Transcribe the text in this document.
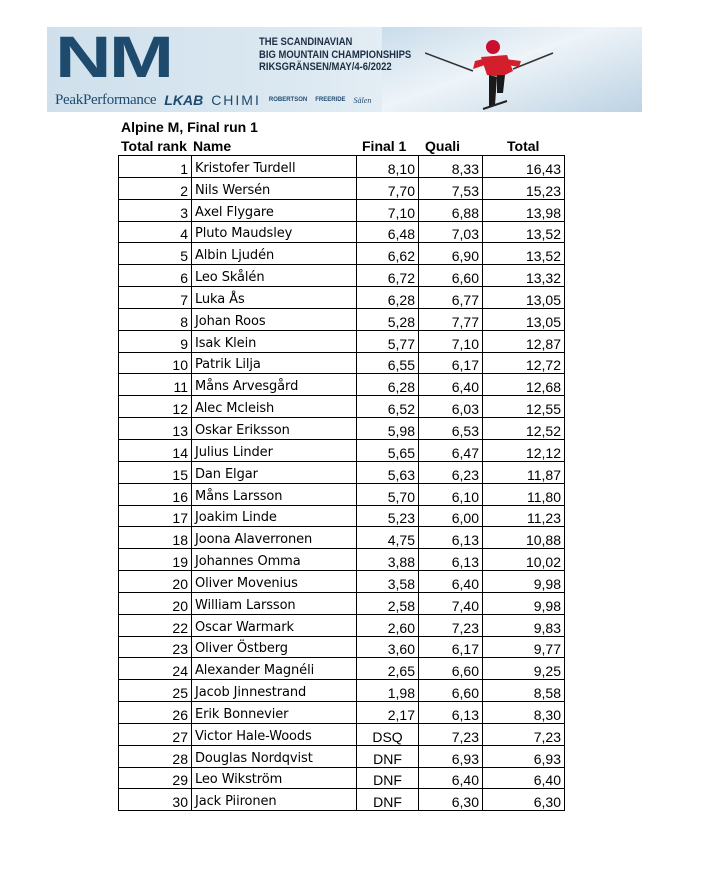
NM	THE SCANDINAVIAN
BIG MOUNTAIN CHAMPIONSHIPS
RIKSGRÄNSEN/MAY/4-6/2022
PeakPerformance LKAB CHIMI ROBERTSON FREERIDE Sälen
Alpine M, Final run 1
Total rank Name	Final 1 Quali	Total
1	Kristofer Turdell	8,10	8,33	16,43
2	Nils Wersén	7,70	7,53	15,23
3	Axel Flygare	7,10	6,88	13,98
4	Pluto Maudsley	6,48	7,03	13,52
5	Albin Ljudén	6,62	6,90	13,52
6	Leo Skålén	6,72	6,60	13,32
7	Luka Ås	6,28	6,77	13,05
8	Johan Roos	5,28	7,77	13,05
9	Isak Klein	5,77	7,10	12,87
10	Patrik Lilja	6,55	6,17	12,72
11	Måns Arvesgård	6,28	6,40	12,68
12	Alec Mcleish	6,52	6,03	12,55
13	Oskar Eriksson	5,98	6,53	12,52
14	Julius Linder	5,65	6,47	12,12
15	Dan Elgar	5,63	6,23	11,87
16	Måns Larsson	5,70	6,10	11,80
17	Joakim Linde	5,23	6,00	11,23
18	Joona Alaverronen	4,75	6,13	10,88
19	Johannes Omma	3,88	6,13	10,02
20	Oliver Movenius	3,58	6,40	9,98
20	William Larsson	2,58	7,40	9,98
22	Oscar Warmark	2,60	7,23	9,83
23	Oliver Östberg	3,60	6,17	9,77
24	Alexander Magnéli	2,65	6,60	9,25
25	Jacob Jinnestrand	1,98	6,60	8,58
26	Erik Bonnevier	2,17	6,13	8,30
27	Victor Hale-Woods	DSQ	7,23	7,23
28	Douglas Nordqvist	DNF	6,93	6,93
29	Leo Wikström	DNF	6,40	6,40
30	Jack Piironen	DNF	6,30	6,30
